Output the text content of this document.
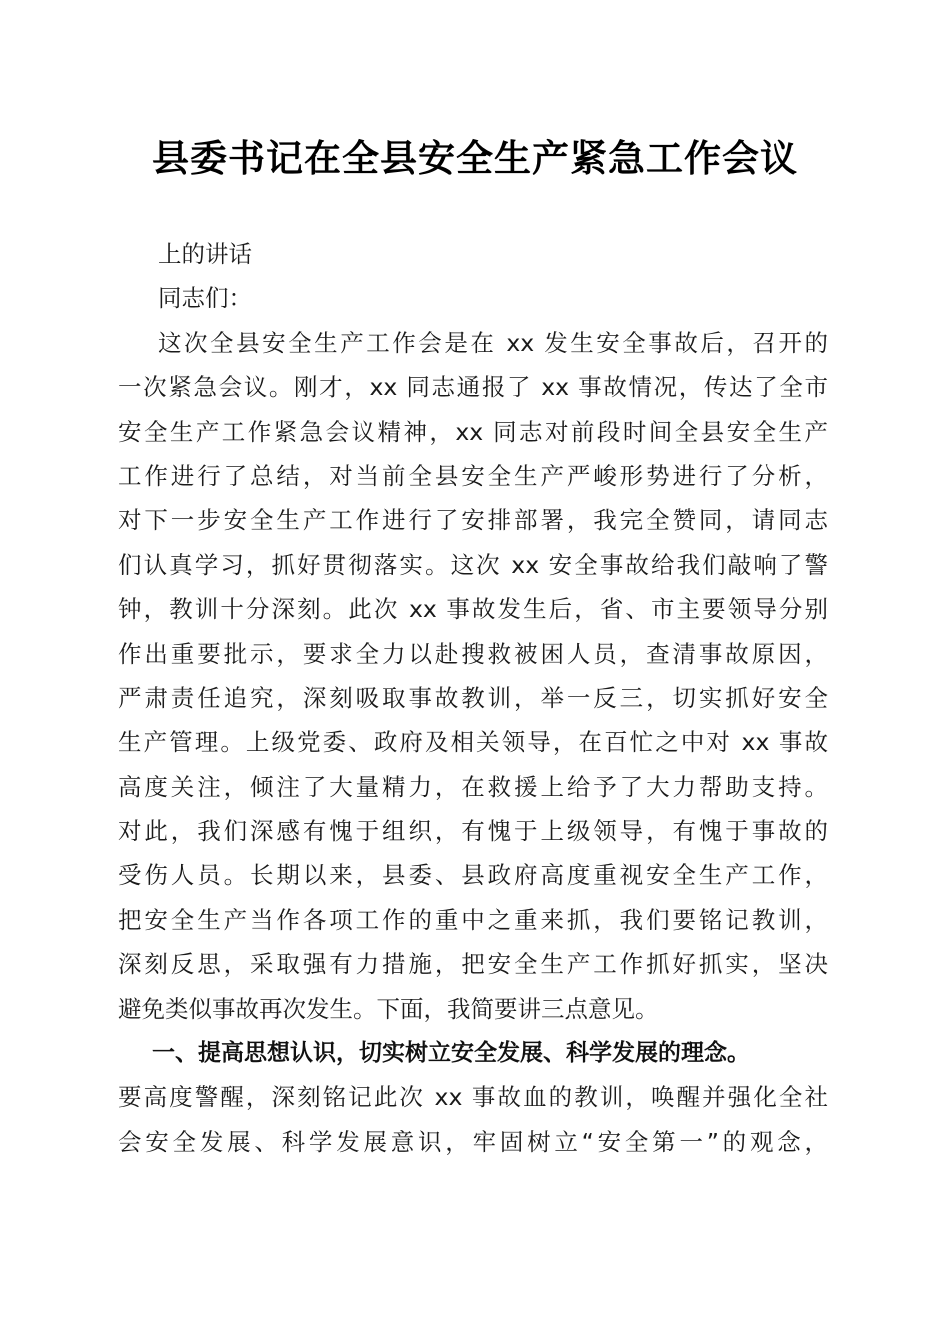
县委书记在全县安全生产紧急工作会议
上的讲话
同志们：
这次全县安全生产工作会是在 xx 发生安全事故后，召开的
一次紧急会议。刚才，xx 同志通报了 xx 事故情况，传达了全市
安全生产工作紧急会议精神，xx 同志对前段时间全县安全生产
工作进行了总结，对当前全县安全生产严峻形势进行了分析，
对下一步安全生产工作进行了安排部署，我完全赞同，请同志
们认真学习，抓好贯彻落实。这次 xx 安全事故给我们敲响了警
钟，教训十分深刻。此次 xx 事故发生后，省、市主要领导分别
作出重要批示，要求全力以赴搜救被困人员，查清事故原因，
严肃责任追究，深刻吸取事故教训，举一反三，切实抓好安全
生产管理。上级党委、政府及相关领导，在百忙之中对 xx 事故
高度关注，倾注了大量精力，在救援上给予了大力帮助支持。
对此，我们深感有愧于组织，有愧于上级领导，有愧于事故的
受伤人员。长期以来，县委、县政府高度重视安全生产工作，
把安全生产当作各项工作的重中之重来抓，我们要铭记教训，
深刻反思，采取强有力措施，把安全生产工作抓好抓实，坚决
避免类似事故再次发生。下面，我简要讲三点意见。
一、提高思想认识，切实树立安全发展、科学发展的理念。
要高度警醒，深刻铭记此次 xx 事故血的教训，唤醒并强化全社
会安全发展、科学发展意识，牢固树立“安全第一”的观念，
